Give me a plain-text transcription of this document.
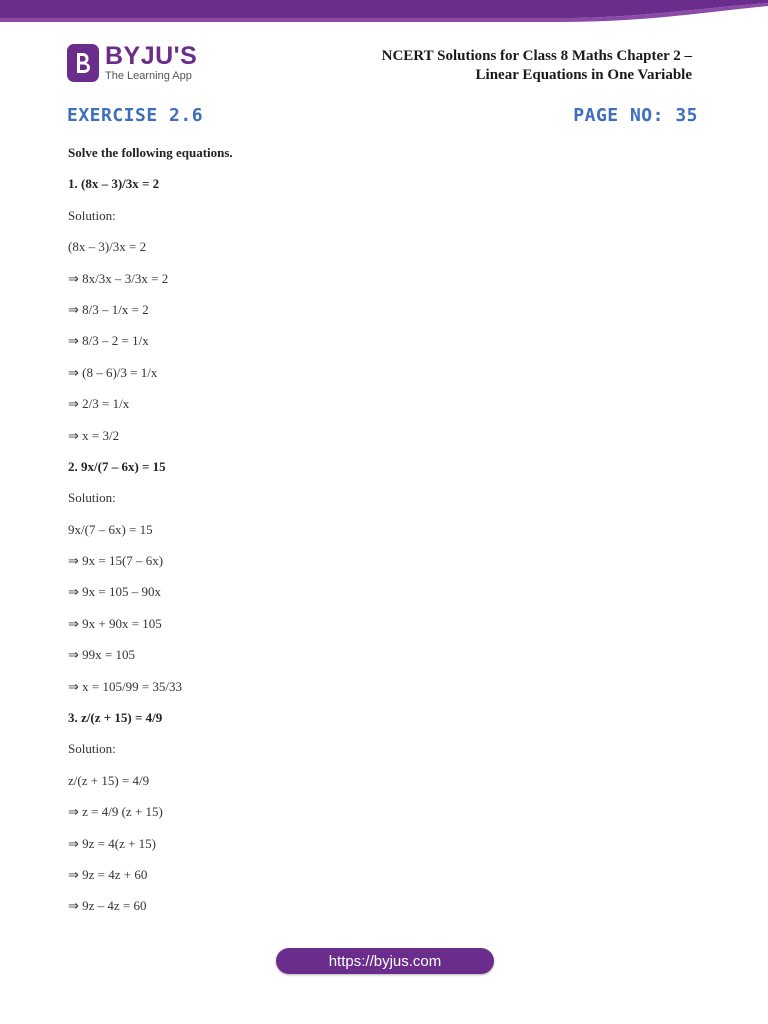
BYJU'S
The Learning App
NCERT Solutions for Class 8 Maths Chapter 2 –
Linear Equations in One Variable
EXERCISE 2.6	PAGE NO: 35
Solve the following equations.
1. (8x – 3)/3x = 2
Solution:
(8x – 3)/3x = 2
⇒ 8x/3x – 3/3x = 2
⇒ 8/3 – 1/x = 2
⇒ 8/3 – 2 = 1/x
⇒ (8 – 6)/3 = 1/x
⇒ 2/3 = 1/x
⇒ x = 3/2
2. 9x/(7 – 6x) = 15
Solution:
9x/(7 – 6x) = 15
⇒ 9x = 15(7 – 6x)
⇒ 9x = 105 – 90x
⇒ 9x + 90x = 105
⇒ 99x = 105
⇒ x = 105/99 = 35/33
3. z/(z + 15) = 4/9
Solution:
z/(z + 15) = 4/9
⇒ z = 4/9 (z + 15)
⇒ 9z = 4(z + 15)
⇒ 9z = 4z + 60
⇒ 9z – 4z = 60
https://byjus.com
